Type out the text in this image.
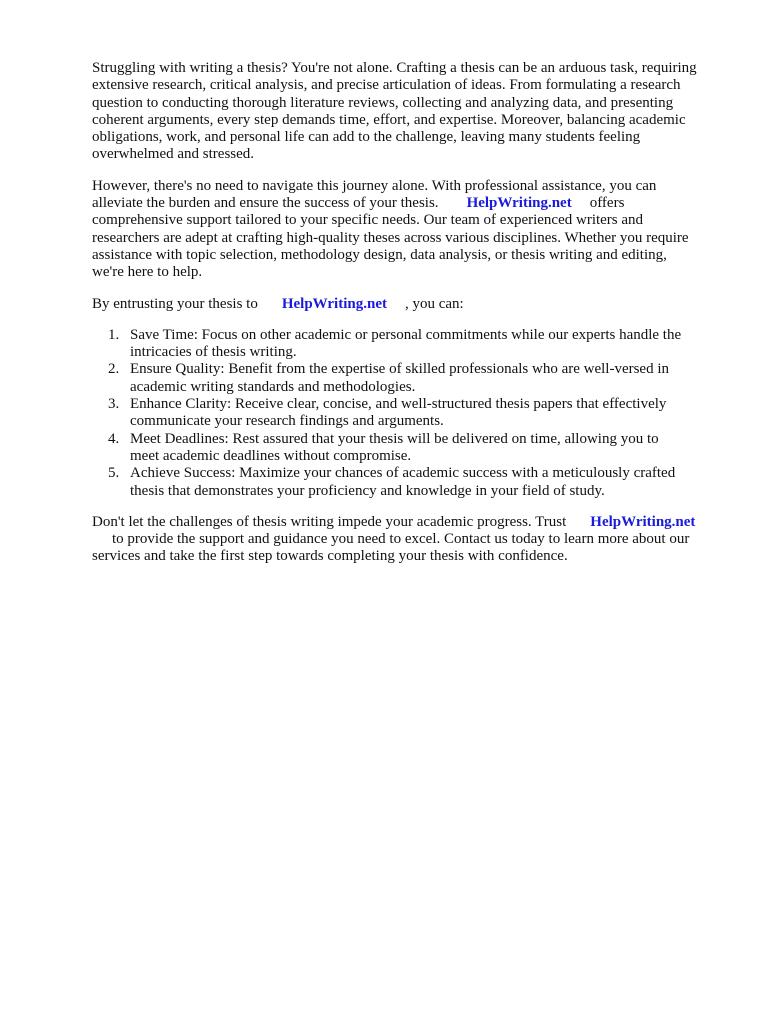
Struggling with writing a thesis? You're not alone. Crafting a thesis can be an arduous task, requiring
extensive research, critical analysis, and precise articulation of ideas. From formulating a research
question to conducting thorough literature reviews, collecting and analyzing data, and presenting
coherent arguments, every step demands time, effort, and expertise. Moreover, balancing academic
obligations, work, and personal life can add to the challenge, leaving many students feeling
overwhelmed and stressed.

However, there's no need to navigate this journey alone. With professional assistance, you can
alleviate the burden and ensure the success of your thesis. HelpWriting.net offers
comprehensive support tailored to your specific needs. Our team of experienced writers and
researchers are adept at crafting high-quality theses across various disciplines. Whether you require
assistance with topic selection, methodology design, data analysis, or thesis writing and editing,
we're here to help.

By entrusting your thesis to HelpWriting.net , you can:

1. Save Time: Focus on other academic or personal commitments while our experts handle the
intricacies of thesis writing.
2. Ensure Quality: Benefit from the expertise of skilled professionals who are well-versed in
academic writing standards and methodologies.
3. Enhance Clarity: Receive clear, concise, and well-structured thesis papers that effectively
communicate your research findings and arguments.
4. Meet Deadlines: Rest assured that your thesis will be delivered on time, allowing you to
meet academic deadlines without compromise.
5. Achieve Success: Maximize your chances of academic success with a meticulously crafted
thesis that demonstrates your proficiency and knowledge in your field of study.

Don't let the challenges of thesis writing impede your academic progress. Trust HelpWriting.net
to provide the support and guidance you need to excel. Contact us today to learn more about our
services and take the first step towards completing your thesis with confidence.
